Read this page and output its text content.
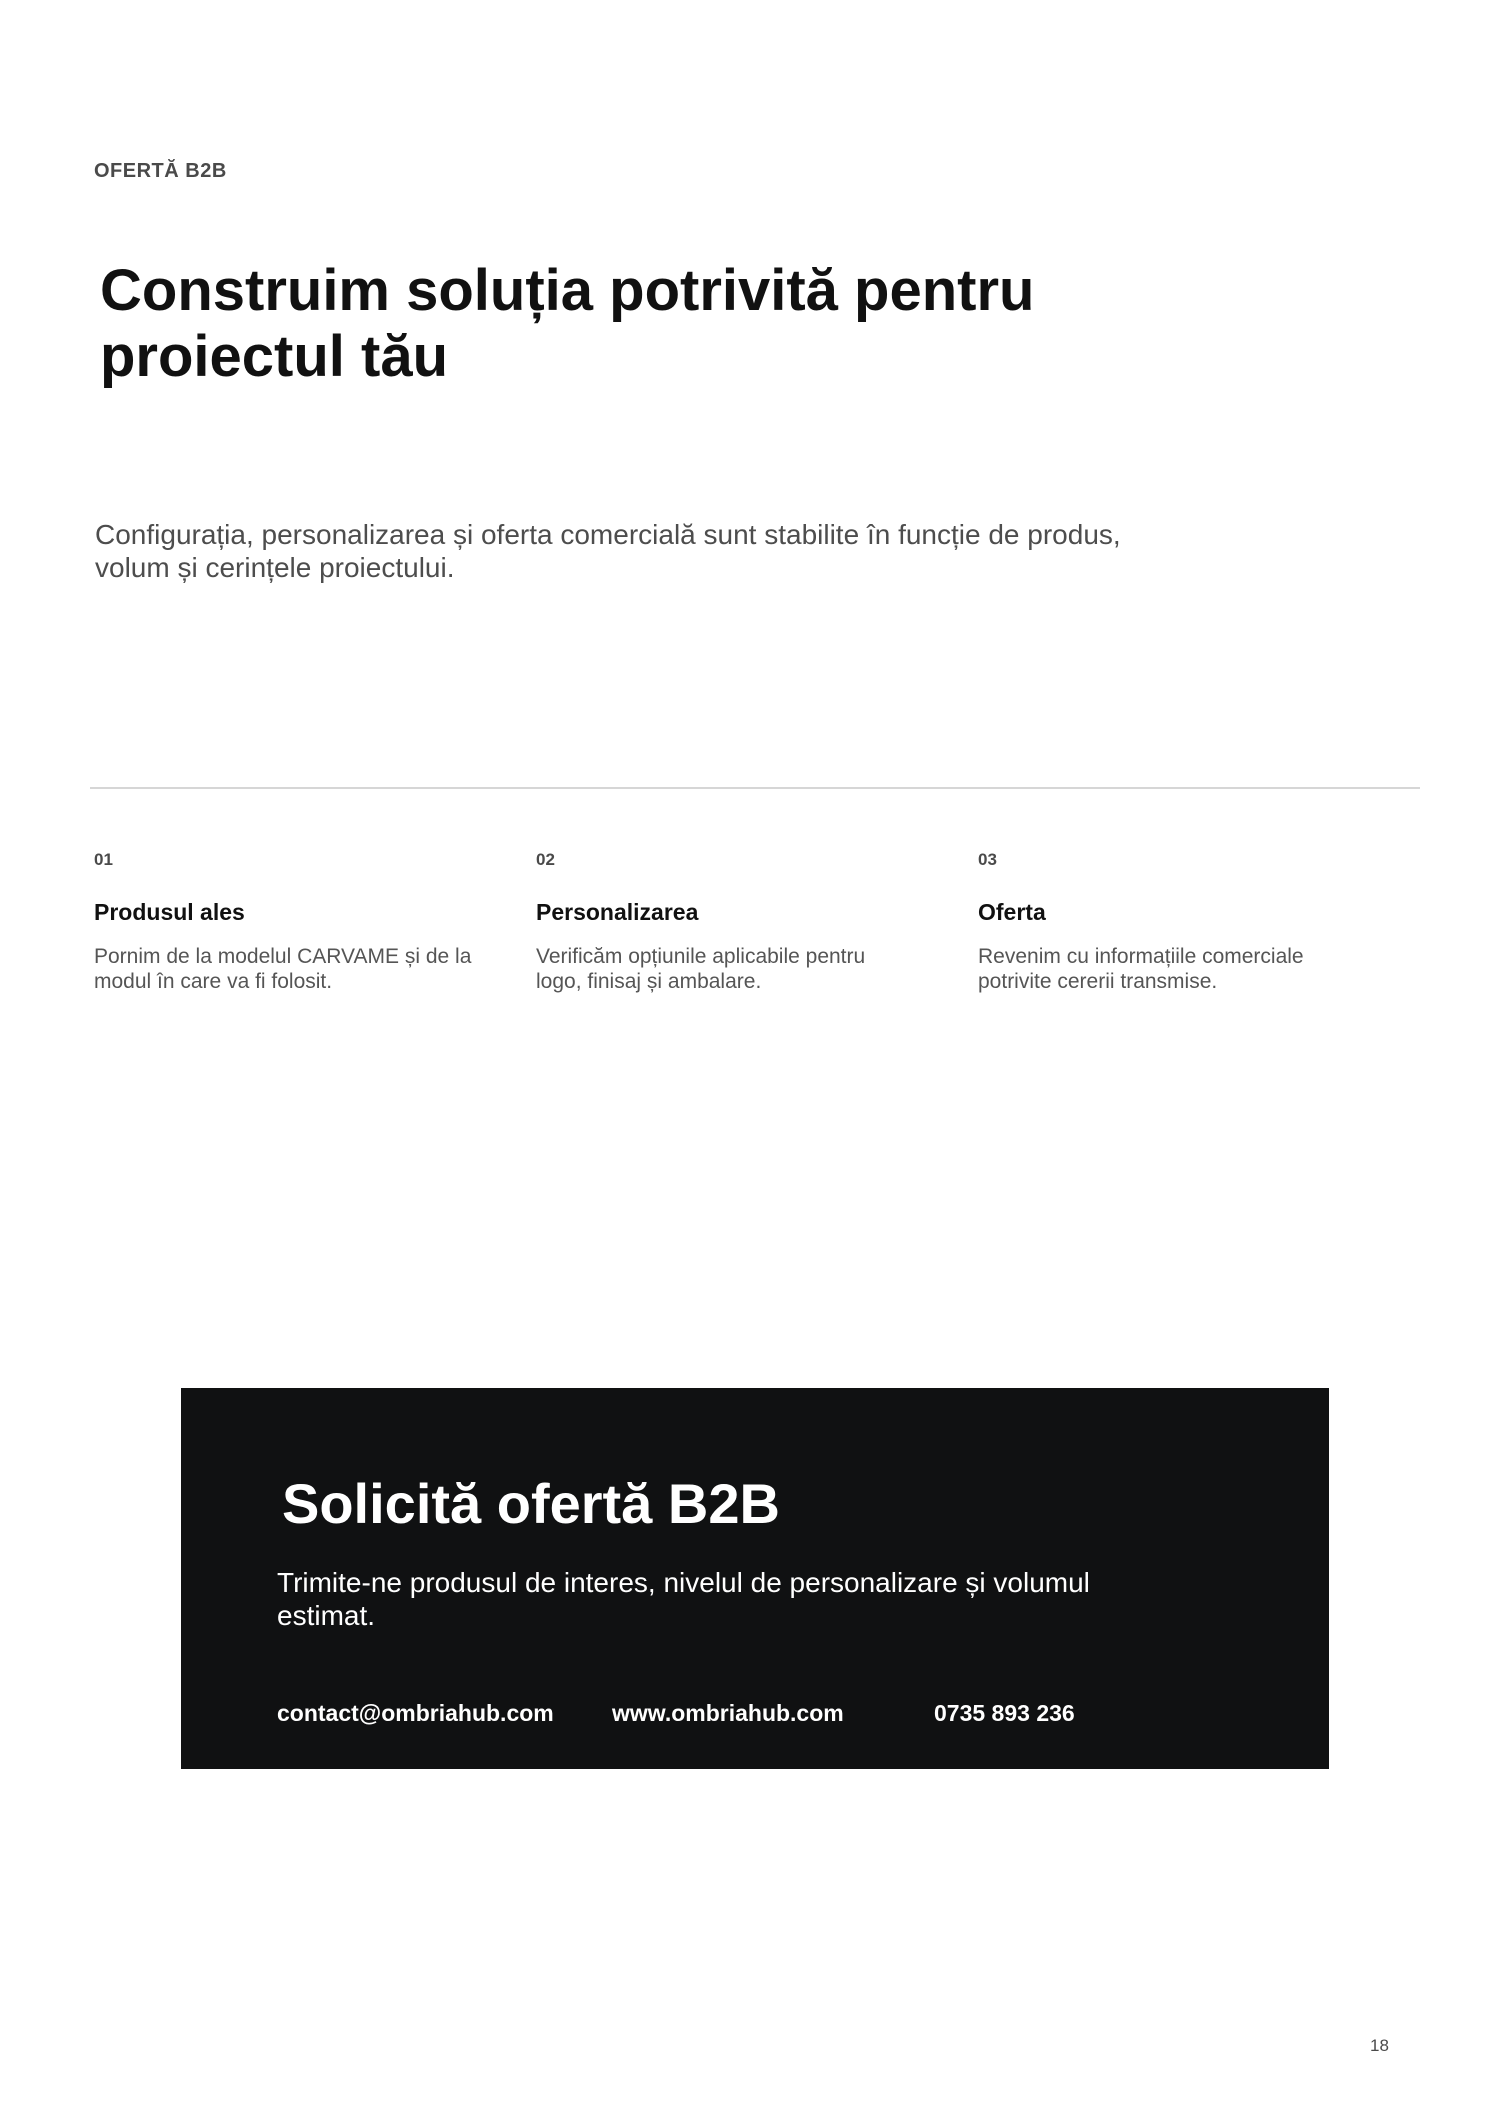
OFERTĂ B2B
Construim soluția potrivită pentru proiectul tău

Configurația, personalizarea și oferta comercială sunt stabilite în funcție de produs, volum și cerințele proiectului.

01
Produsul ales
Pornim de la modelul CARVAME și de la modul în care va fi folosit.
02
Personalizarea
Verificăm opțiunile aplicabile pentru logo, finisaj și ambalare.
03
Oferta
Revenim cu informațiile comerciale potrivite cererii transmise.
Solicită ofertă B2B

Trimite-ne produsul de interes, nivelul de personalizare și volumul estimat.

contact@ombriahub.com	www.ombriahub.com	0735 893 236
18
